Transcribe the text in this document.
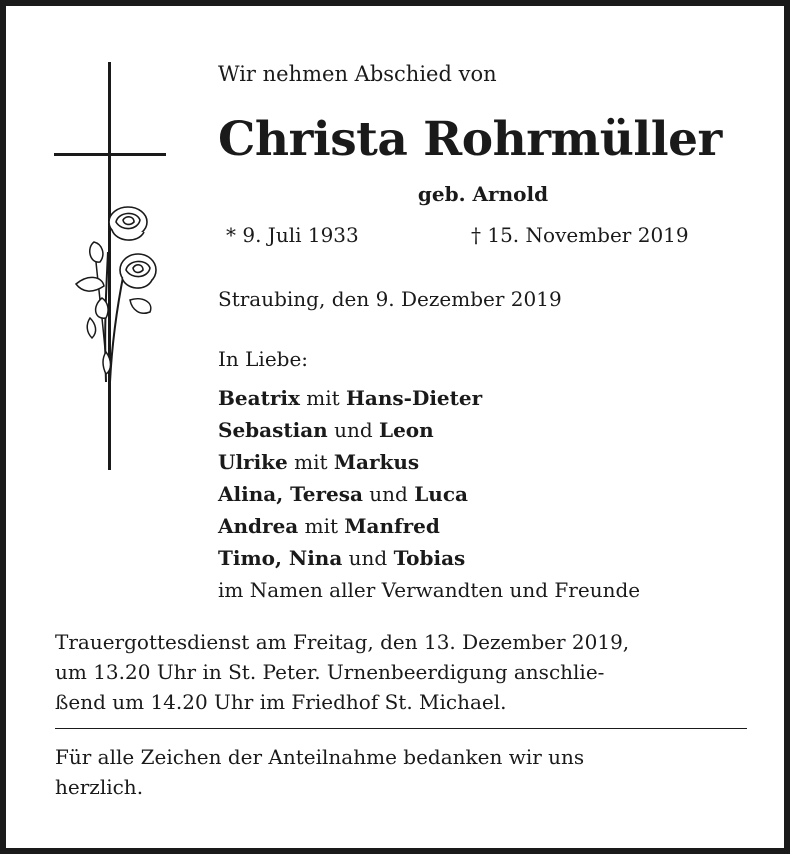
Wir nehmen Abschied von
Christa Rohrmüller
geb. Arnold
* 9. Juli 1933	† 15. November 2019
Straubing, den 9. Dezember 2019
In Liebe:
Beatrix mit Hans-Dieter
Sebastian und Leon
Ulrike mit Markus
Alina, Teresa und Luca
Andrea mit Manfred
Timo, Nina und Tobias
im Namen aller Verwandten und Freunde
Trauergottesdienst am Freitag, den 13. Dezember 2019,
um 13.20 Uhr in St. Peter. Urnenbeerdigung anschlie-
ßend um 14.20 Uhr im Friedhof St. Michael.
Für alle Zeichen der Anteilnahme bedanken wir uns
herzlich.
